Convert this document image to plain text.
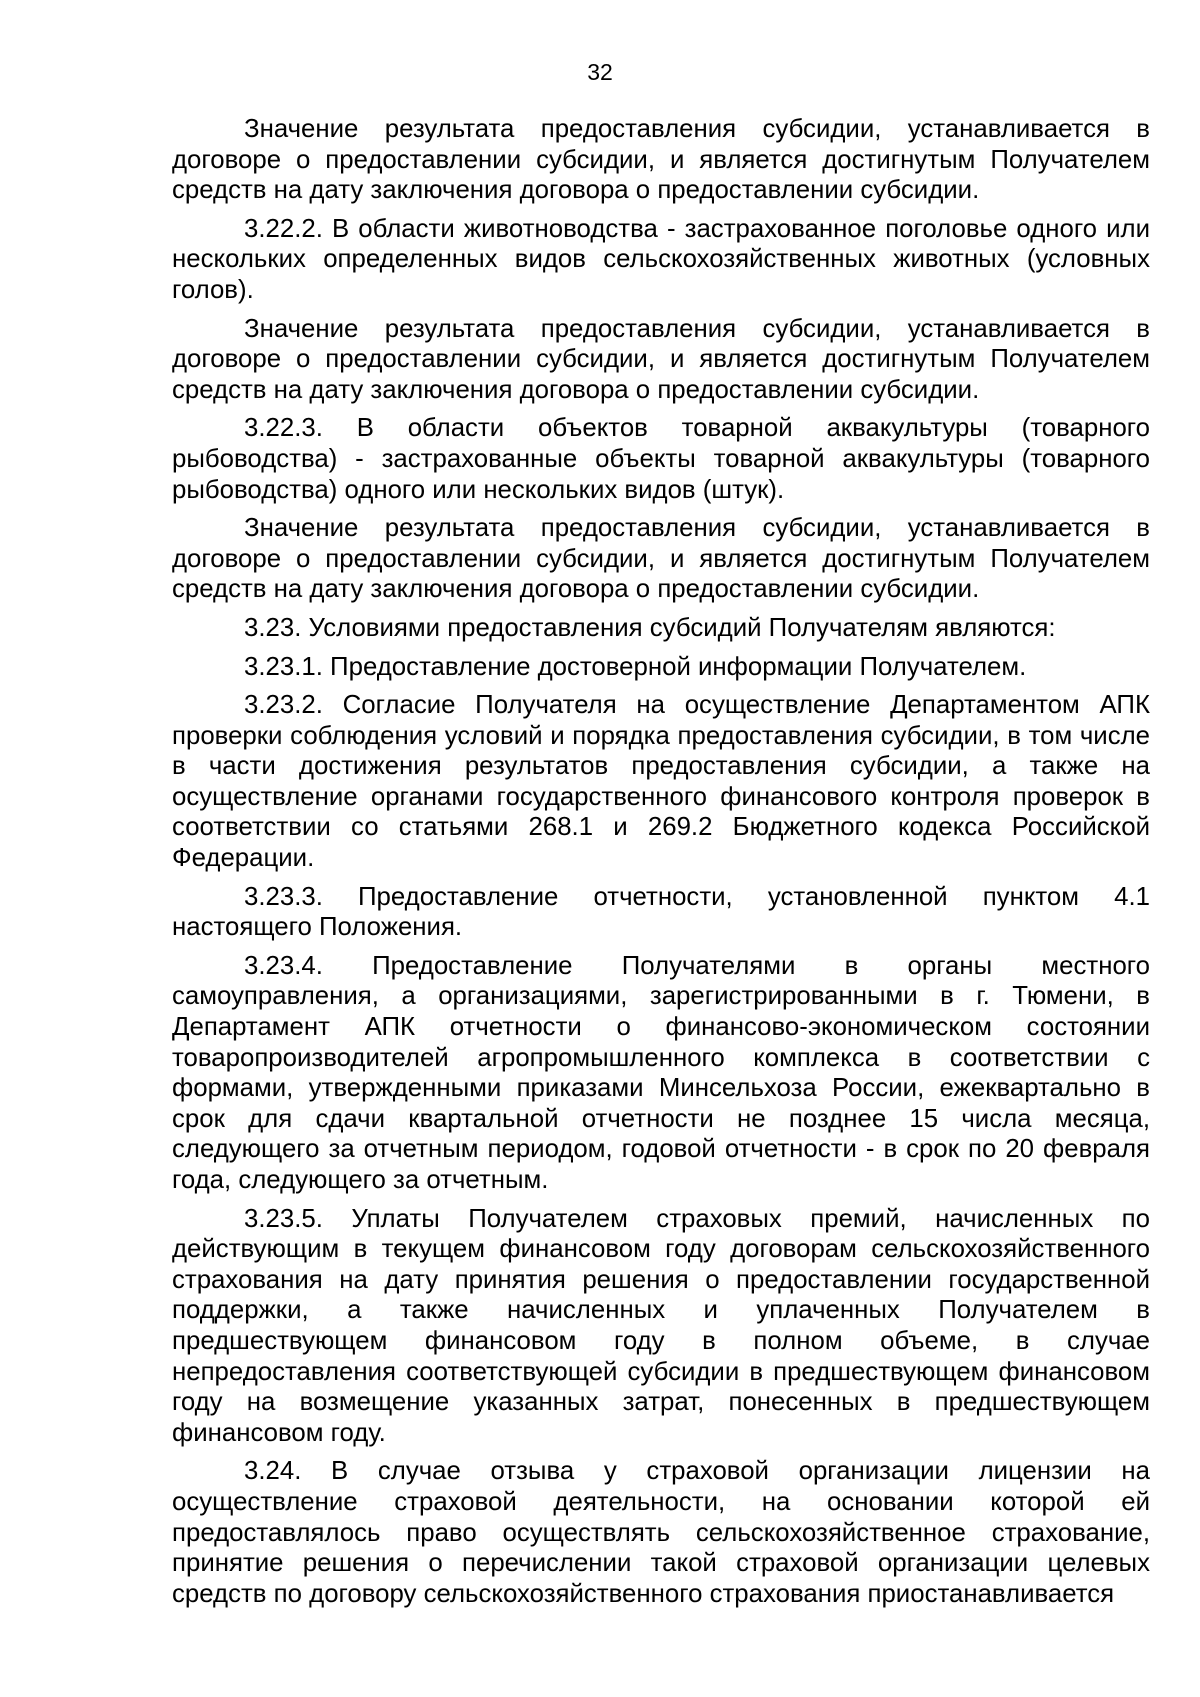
32

Значение результата предоставления субсидии, устанавливается в договоре о предоставлении субсидии, и является достигнутым Получателем средств на дату заключения договора о предоставлении субсидии.

3.22.2. В области животноводства - застрахованное поголовье одного или нескольких определенных видов сельскохозяйственных животных (условных голов).

Значение результата предоставления субсидии, устанавливается в договоре о предоставлении субсидии, и является достигнутым Получателем средств на дату заключения договора о предоставлении субсидии.

3.22.3. В области объектов товарной аквакультуры (товарного рыбоводства) - застрахованные объекты товарной аквакультуры (товарного рыбоводства) одного или нескольких видов (штук).

Значение результата предоставления субсидии, устанавливается в договоре о предоставлении субсидии, и является достигнутым Получателем средств на дату заключения договора о предоставлении субсидии.

3.23. Условиями предоставления субсидий Получателям являются:

3.23.1. Предоставление достоверной информации Получателем.

3.23.2. Согласие Получателя на осуществление Департаментом АПК проверки соблюдения условий и порядка предоставления субсидии, в том числе в части достижения результатов предоставления субсидии, а также на осуществление органами государственного финансового контроля проверок в соответствии со статьями 268.1 и 269.2 Бюджетного кодекса Российской Федерации.

3.23.3. Предоставление отчетности, установленной пунктом 4.1 настоящего Положения.

3.23.4. Предоставление Получателями в органы местного самоуправления, а организациями, зарегистрированными в г. Тюмени, в Департамент АПК отчетности о финансово-экономическом состоянии товаропроизводителей агропромышленного комплекса в соответствии с формами, утвержденными приказами Минсельхоза России, ежеквартально в срок для сдачи квартальной отчетности не позднее 15 числа месяца, следующего за отчетным периодом, годовой отчетности - в срок по 20 февраля года, следующего за отчетным.

3.23.5. Уплаты Получателем страховых премий, начисленных по действующим в текущем финансовом году договорам сельскохозяйственного страхования на дату принятия решения о предоставлении государственной поддержки, а также начисленных и уплаченных Получателем в предшествующем финансовом году в полном объеме, в случае непредоставления соответствующей субсидии в предшествующем финансовом году на возмещение указанных затрат, понесенных в предшествующем финансовом году.

3.24. В случае отзыва у страховой организации лицензии на осуществление страховой деятельности, на основании которой ей предоставлялось право осуществлять сельскохозяйственное страхование, принятие решения о перечислении такой страховой организации целевых средств по договору сельскохозяйственного страхования приостанавливается
